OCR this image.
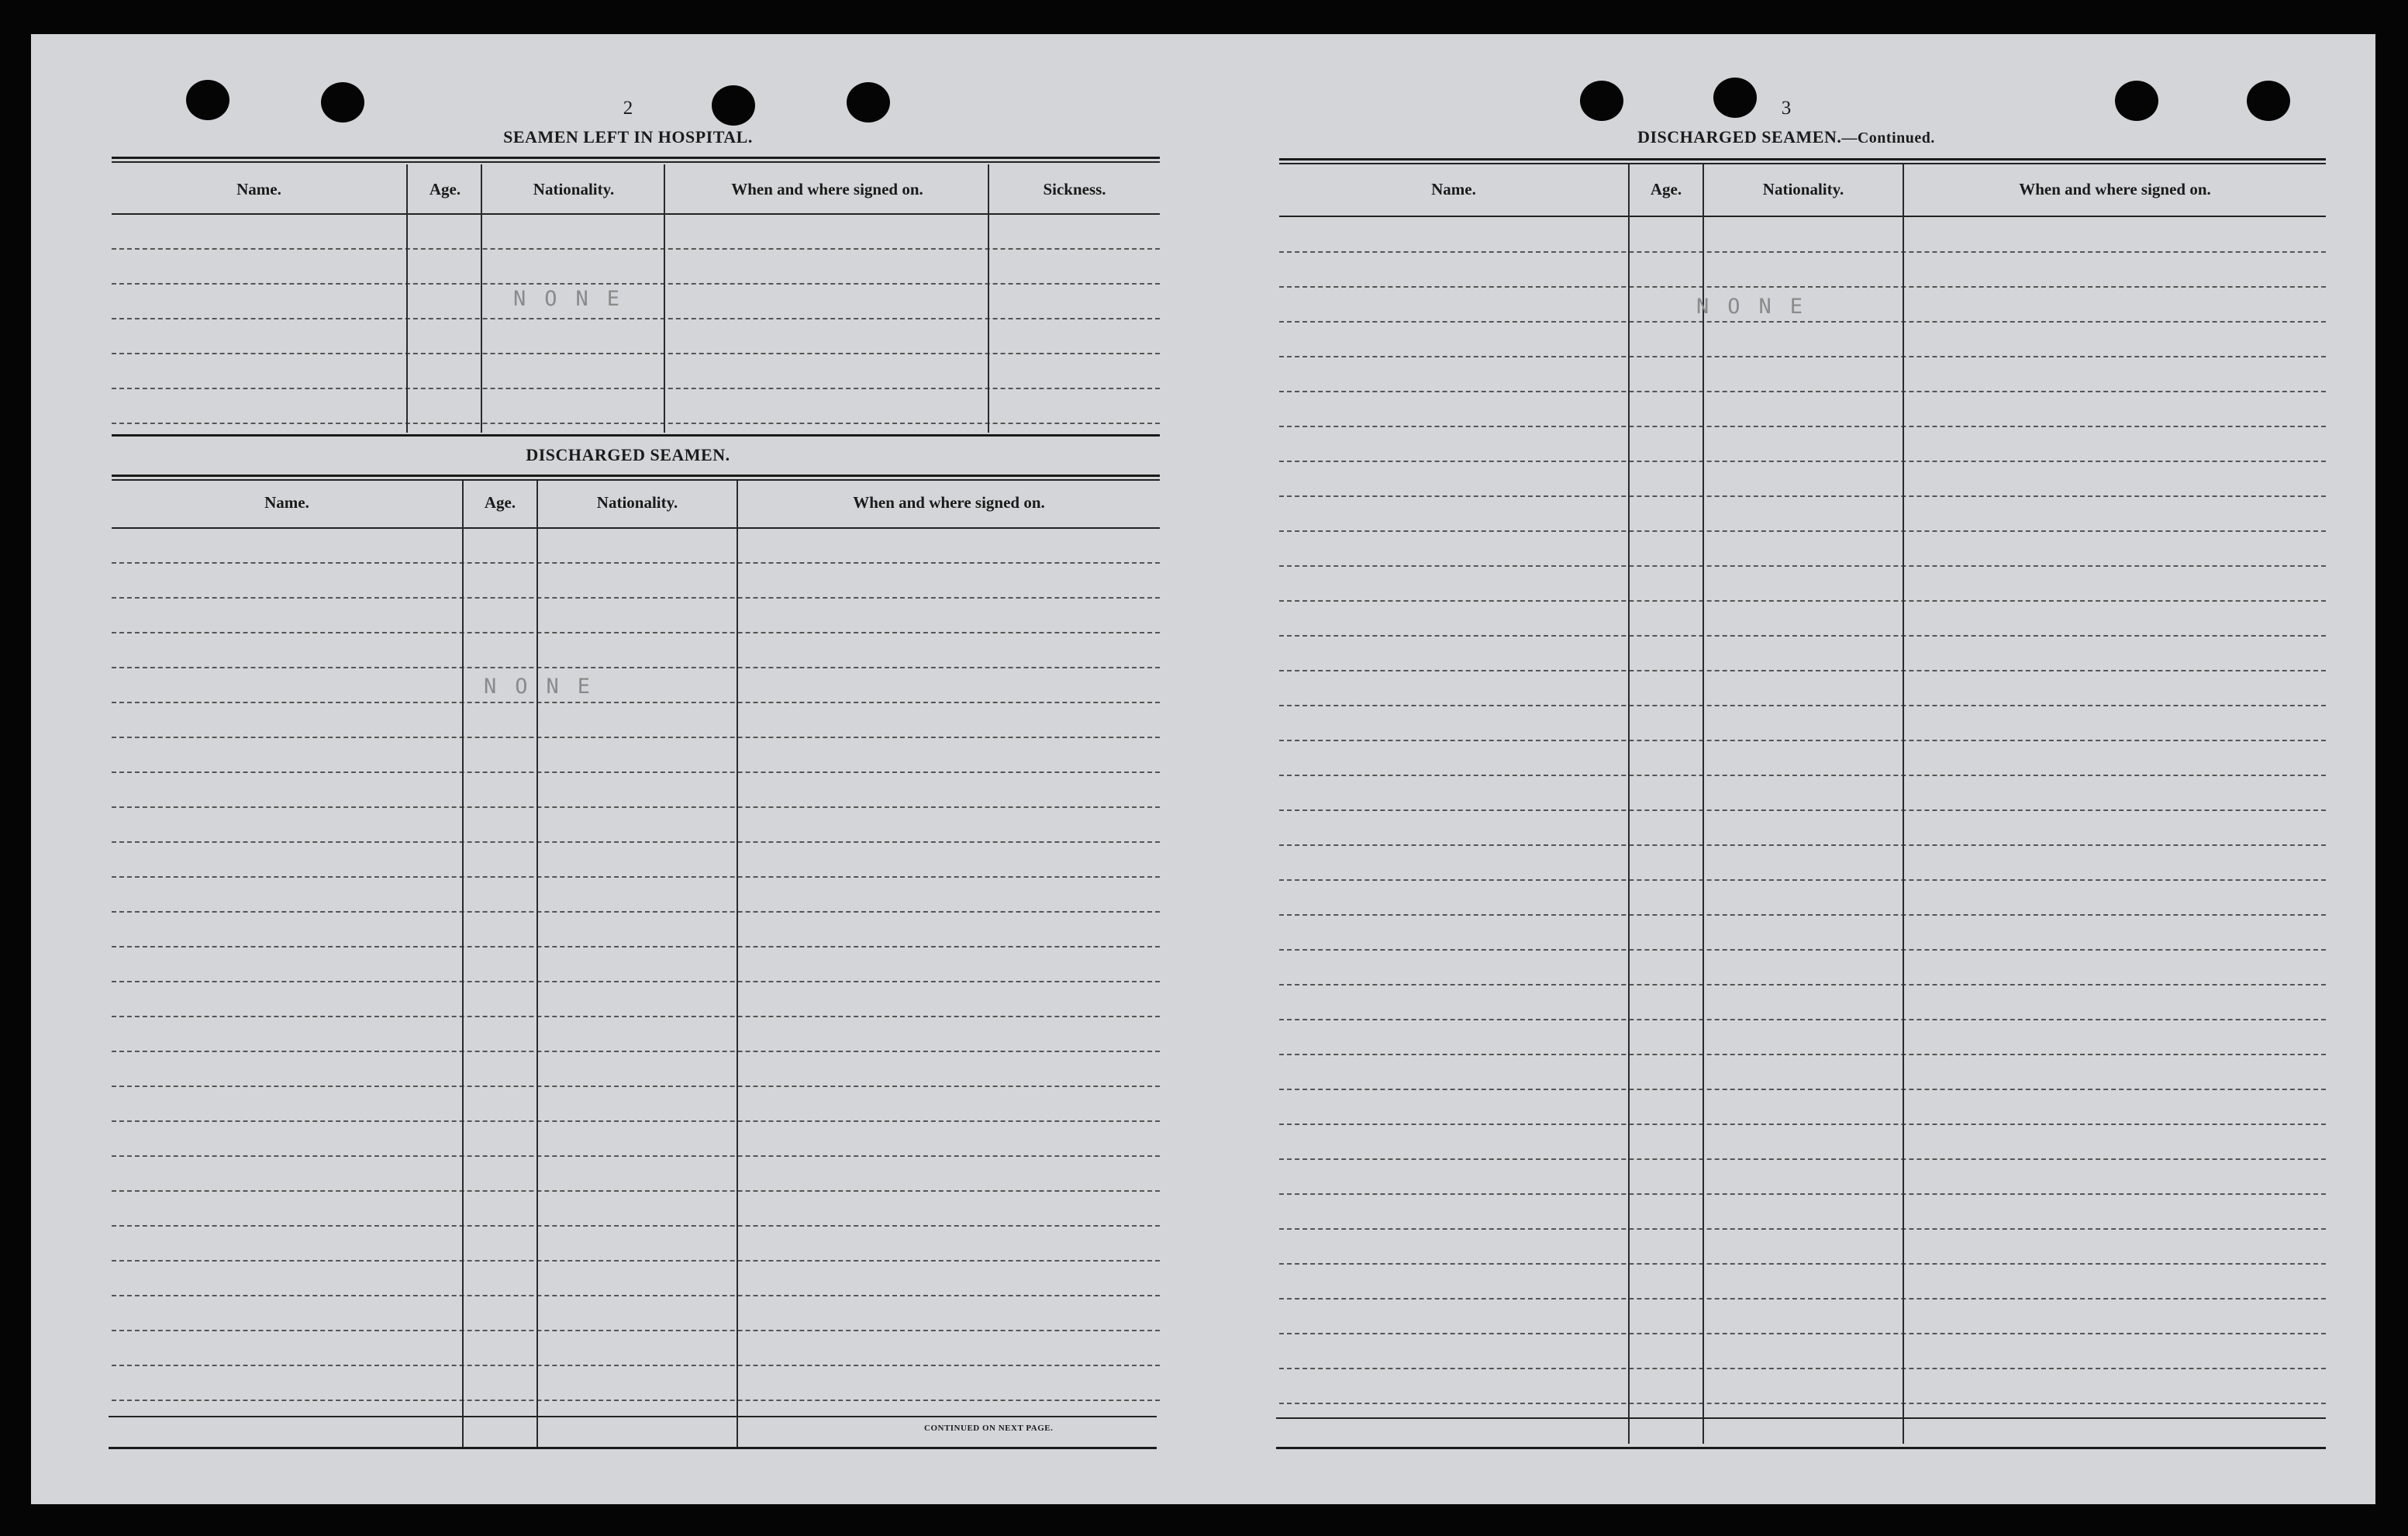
2
SEAMEN LEFT IN HOSPITAL.
Name.	Age.	Nationality.	When and where signed on.	Sickness.
NONE
DISCHARGED SEAMEN.
Name.	Age.	Nationality.	When and where signed on.
NONE
CONTINUED ON NEXT PAGE.
3
DISCHARGED SEAMEN.—Continued.
Name.	Age.	Nationality.	When and where signed on.
NONE
